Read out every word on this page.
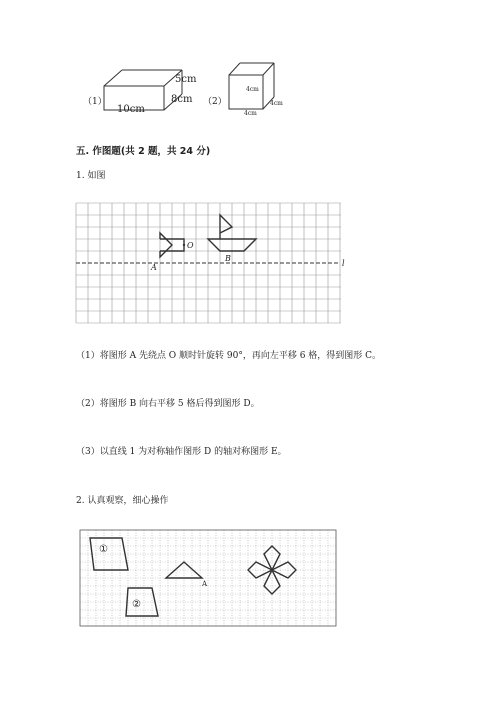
（1）
5cm
8cm
10cm
（2）
4cm
4cm
4cm
五. 作图题(共 2 题，共 24 分)
1. 如图
O
A
B
l
（1）将图形 A 先绕点 O 顺时针旋转 90°，再向左平移 6 格，得到图形 C。
（2）将图形 B 向右平移 5 格后得到图形 D。
（3）以直线 1 为对称轴作图形 D 的轴对称图形 E。
2. 认真观察，细心操作
①
②
A
